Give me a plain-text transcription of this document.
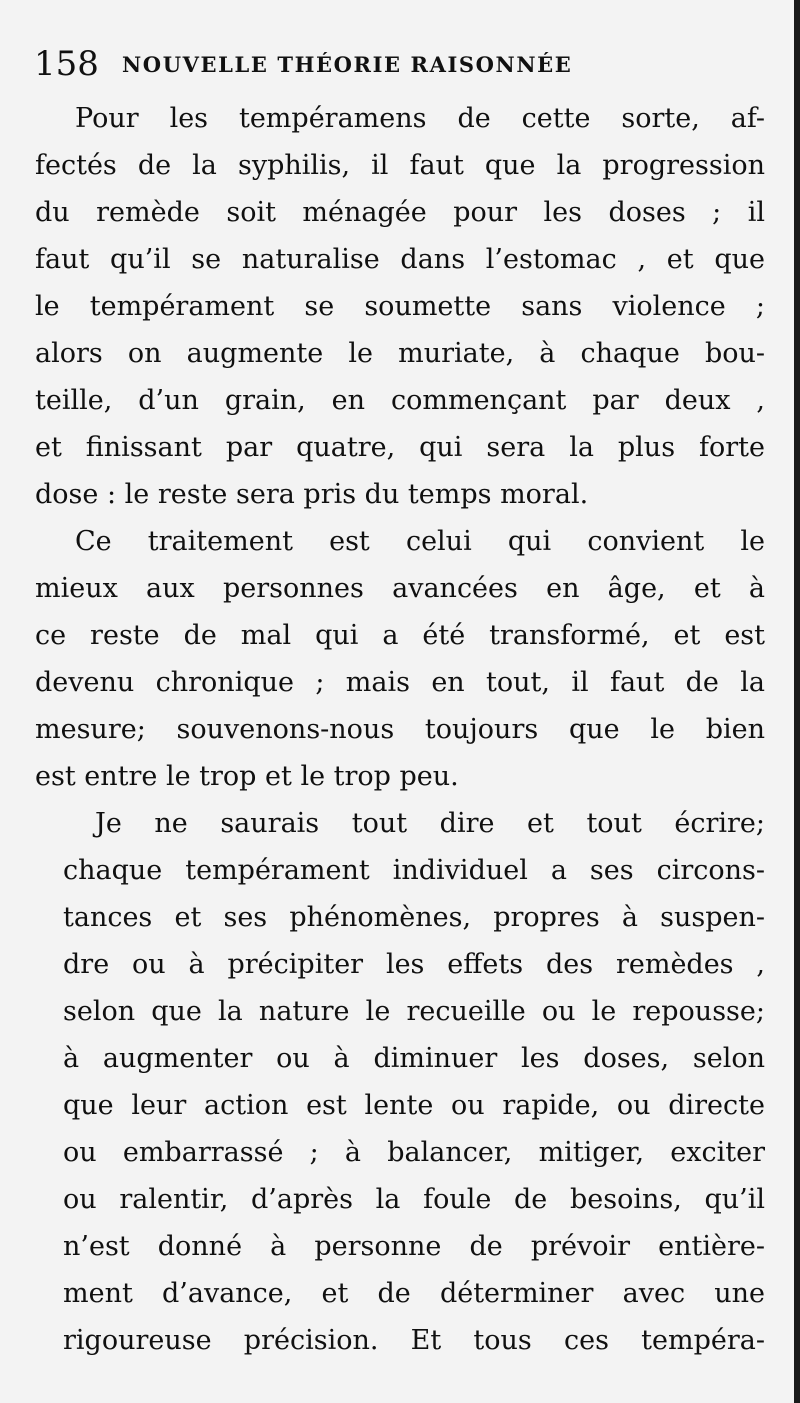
158 NOUVELLE THÉORIE RAISONNÉE
Pour les tempéramens de cette sorte, af-
fectés de la syphilis, il faut que la progression
du remède soit ménagée pour les doses ; il
faut qu’il se naturalise dans l’estomac , et que
le tempérament se soumette sans violence ;
alors on augmente le muriate, à chaque bou-
teille, d’un grain, en commençant par deux ,
et finissant par quatre, qui sera la plus forte
dose : le reste sera pris du temps moral.
Ce traitement est celui qui convient le
mieux aux personnes avancées en âge, et à
ce reste de mal qui a été transformé, et est
devenu chronique ; mais en tout, il faut de la
mesure; souvenons-nous toujours que le bien
est entre le trop et le trop peu.
Je ne saurais tout dire et tout écrire;
chaque tempérament individuel a ses circons-
tances et ses phénomènes, propres à suspen-
dre ou à précipiter les effets des remèdes ,
selon que la nature le recueille ou le repousse;
à augmenter ou à diminuer les doses, selon
que leur action est lente ou rapide, ou directe
ou embarrassé ; à balancer, mitiger, exciter
ou ralentir, d’après la foule de besoins, qu’il
n’est donné à personne de prévoir entière-
ment d’avance, et de déterminer avec une
rigoureuse précision. Et tous ces tempéra-
